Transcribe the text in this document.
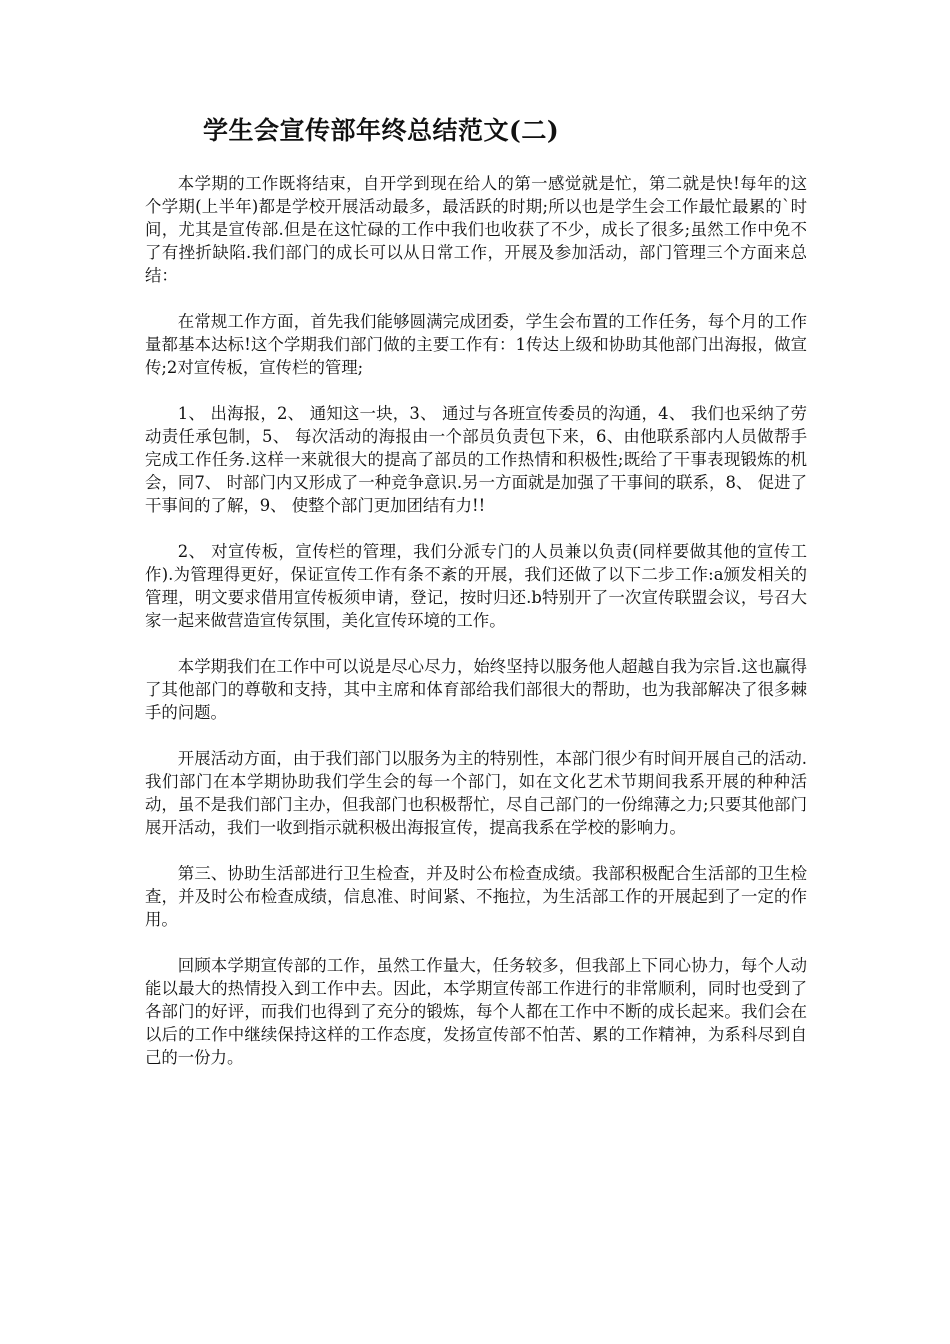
学生会宣传部年终总结范文(二)

本学期的工作既将结束，自开学到现在给人的第一感觉就是忙，第二就是快!每年的这个学期(上半年)都是学校开展活动最多，最活跃的时期;所以也是学生会工作最忙最累的`时间，尤其是宣传部.但是在这忙碌的工作中我们也收获了不少，成长了很多;虽然工作中免不了有挫折缺陷.我们部门的成长可以从日常工作，开展及参加活动，部门管理三个方面来总结：

在常规工作方面，首先我们能够圆满完成团委，学生会布置的工作任务，每个月的工作量都基本达标!这个学期我们部门做的主要工作有：1传达上级和协助其他部门出海报，做宣传;2对宣传板，宣传栏的管理;

1、 出海报，2、 通知这一块，3、 通过与各班宣传委员的沟通，4、 我们也采纳了劳动责任承包制，5、 每次活动的海报由一个部员负责包下来，6、由他联系部内人员做帮手完成工作任务.这样一来就很大的提高了部员的工作热情和积极性;既给了干事表现锻炼的机会，同7、 时部门内又形成了一种竞争意识.另一方面就是加强了干事间的联系，8、 促进了干事间的了解，9、 使整个部门更加团结有力!!

2、 对宣传板，宣传栏的管理，我们分派专门的人员兼以负责(同样要做其他的宣传工作).为管理得更好，保证宣传工作有条不紊的开展，我们还做了以下二步工作:a颁发相关的管理，明文要求借用宣传板须申请，登记，按时归还.b特别开了一次宣传联盟会议，号召大家一起来做营造宣传氛围，美化宣传环境的工作。

本学期我们在工作中可以说是尽心尽力，始终坚持以服务他人超越自我为宗旨.这也赢得了其他部门的尊敬和支持，其中主席和体育部给我们部很大的帮助，也为我部解决了很多棘手的问题。

开展活动方面，由于我们部门以服务为主的特别性，本部门很少有时间开展自己的活动.我们部门在本学期协助我们学生会的每一个部门，如在文化艺术节期间我系开展的种种活动，虽不是我们部门主办，但我部门也积极帮忙，尽自己部门的一份绵薄之力;只要其他部门展开活动，我们一收到指示就积极出海报宣传，提高我系在学校的影响力。

第三、协助生活部进行卫生检查，并及时公布检查成绩。我部积极配合生活部的卫生检查，并及时公布检查成绩，信息准、时间紧、不拖拉，为生活部工作的开展起到了一定的作用。

回顾本学期宣传部的工作，虽然工作量大，任务较多，但我部上下同心协力，每个人动能以最大的热情投入到工作中去。因此，本学期宣传部工作进行的非常顺利，同时也受到了各部门的好评，而我们也得到了充分的锻炼，每个人都在工作中不断的成长起来。我们会在以后的工作中继续保持这样的工作态度，发扬宣传部不怕苦、累的工作精神，为系科尽到自己的一份力。
